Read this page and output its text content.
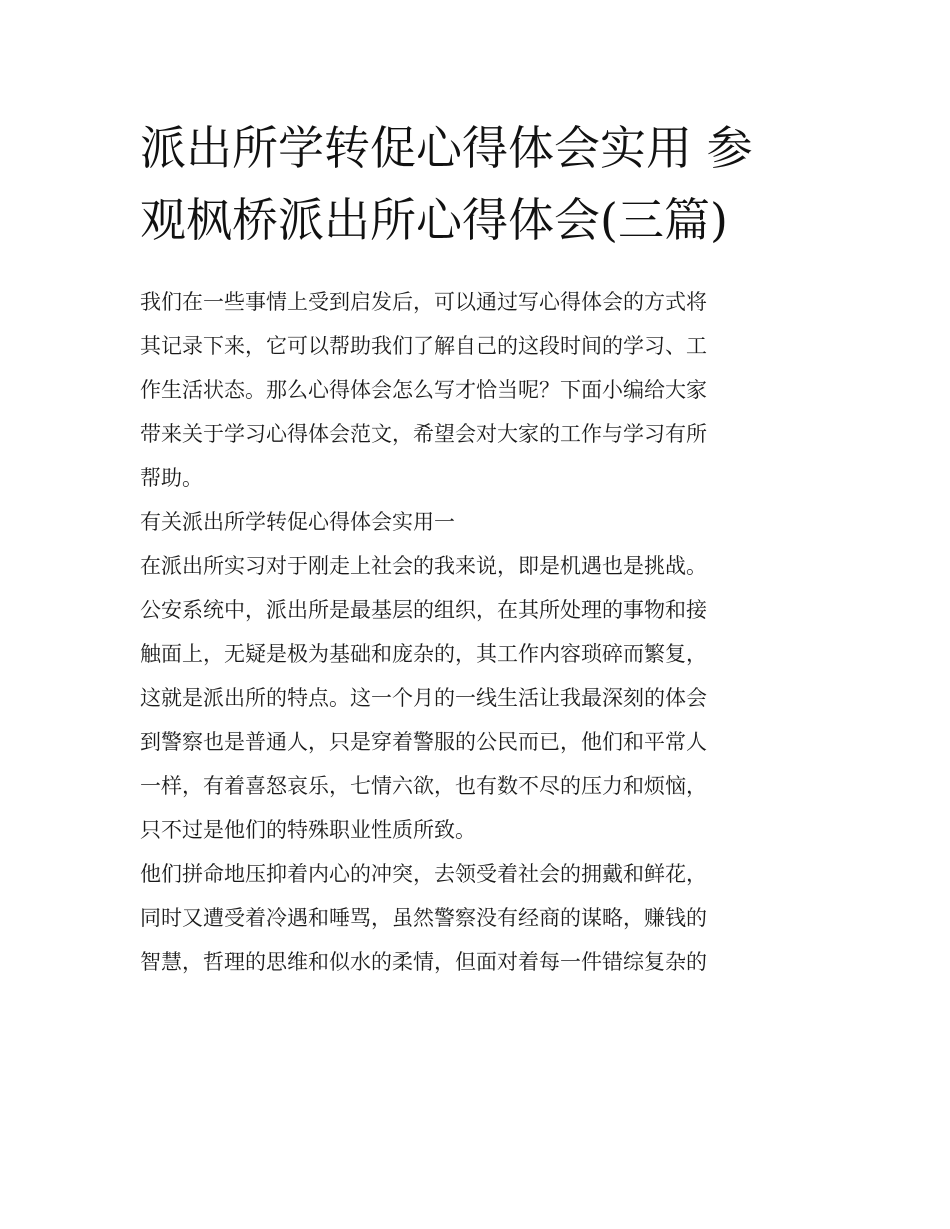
派出所学转促心得体会实用 参
观枫桥派出所心得体会(三篇)

我们在一些事情上受到启发后，可以通过写心得体会的方式将
其记录下来，它可以帮助我们了解自己的这段时间的学习、工
作生活状态。那么心得体会怎么写才恰当呢？下面小编给大家
带来关于学习心得体会范文，希望会对大家的工作与学习有所
帮助。

有关派出所学转促心得体会实用一

在派出所实习对于刚走上社会的我来说，即是机遇也是挑战。
公安系统中，派出所是最基层的组织，在其所处理的事物和接
触面上，无疑是极为基础和庞杂的，其工作内容琐碎而繁复，
这就是派出所的特点。这一个月的一线生活让我最深刻的体会
到警察也是普通人，只是穿着警服的公民而已，他们和平常人
一样，有着喜怒哀乐，七情六欲，也有数不尽的压力和烦恼，
只不过是他们的特殊职业性质所致。

他们拼命地压抑着内心的冲突，去领受着社会的拥戴和鲜花，
同时又遭受着冷遇和唾骂，虽然警察没有经商的谋略，赚钱的
智慧，哲理的思维和似水的柔情，但面对着每一件错综复杂的
